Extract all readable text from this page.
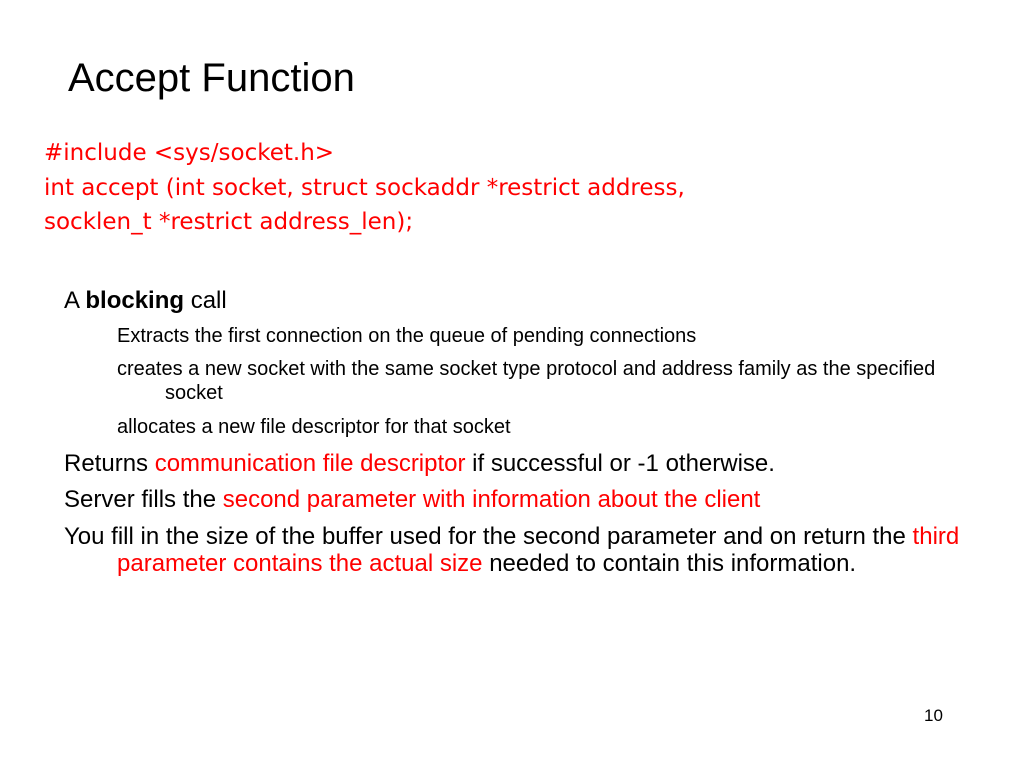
Accept Function
#include <sys/socket.h>
int accept (int socket, struct sockaddr *restrict address,
socklen_t *restrict address_len);
A blocking call
Extracts the first connection on the queue of pending connections
creates a new socket with the same socket type protocol and address family as the specified socket
allocates a new file descriptor for that socket
Returns communication file descriptor if successful or -1 otherwise.
Server fills the second parameter with information about the client
You fill in the size of the buffer used for the second parameter and on return the third parameter contains the actual size needed to contain this information.
10
